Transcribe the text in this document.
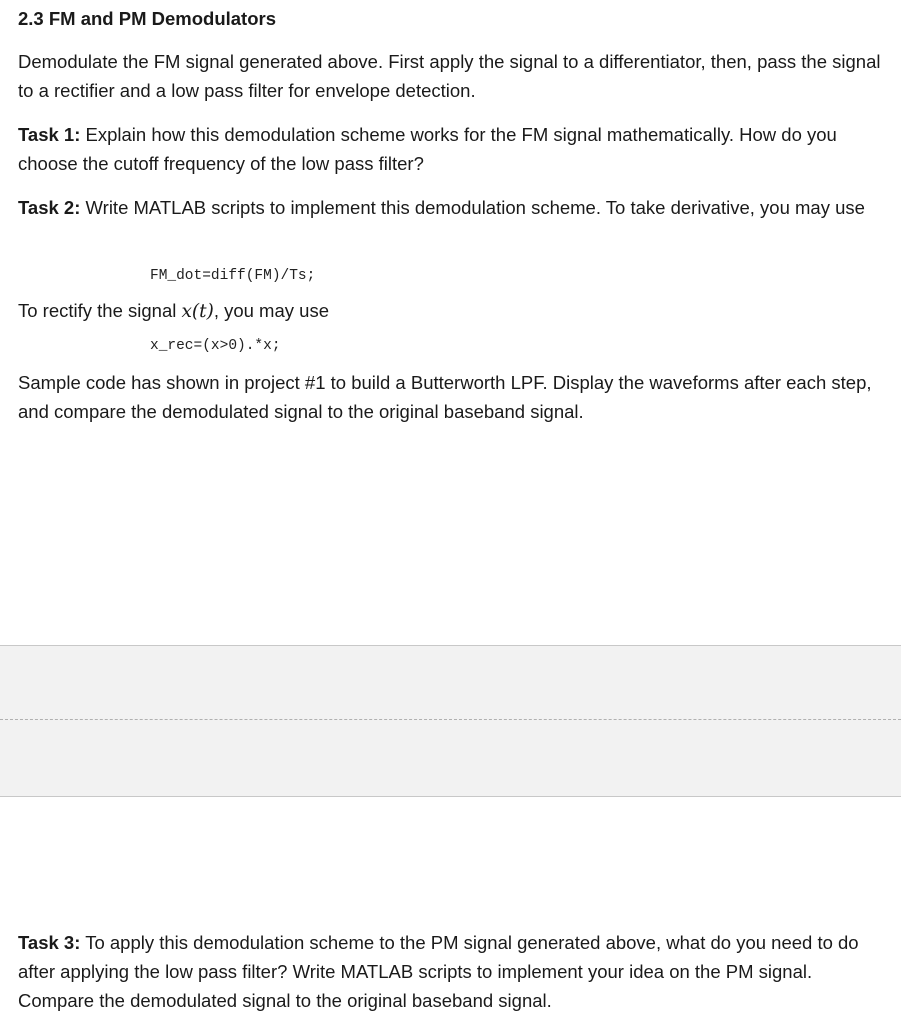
2.3 FM and PM Demodulators
Demodulate the FM signal generated above. First apply the signal to a differentiator, then, pass the signal to a rectifier and a low pass filter for envelope detection.
Task 1: Explain how this demodulation scheme works for the FM signal mathematically. How do you choose the cutoff frequency of the low pass filter?
Task 2: Write MATLAB scripts to implement this demodulation scheme. To take derivative, you may use
FM_dot=diff(FM)/Ts;
To rectify the signal x(t), you may use
x_rec=(x>0).*x;
Sample code has shown in project #1 to build a Butterworth LPF. Display the waveforms after each step, and compare the demodulated signal to the original baseband signal.
Task 3: To apply this demodulation scheme to the PM signal generated above, what do you need to do after applying the low pass filter? Write MATLAB scripts to implement your idea on the PM signal. Compare the demodulated signal to the original baseband signal.
